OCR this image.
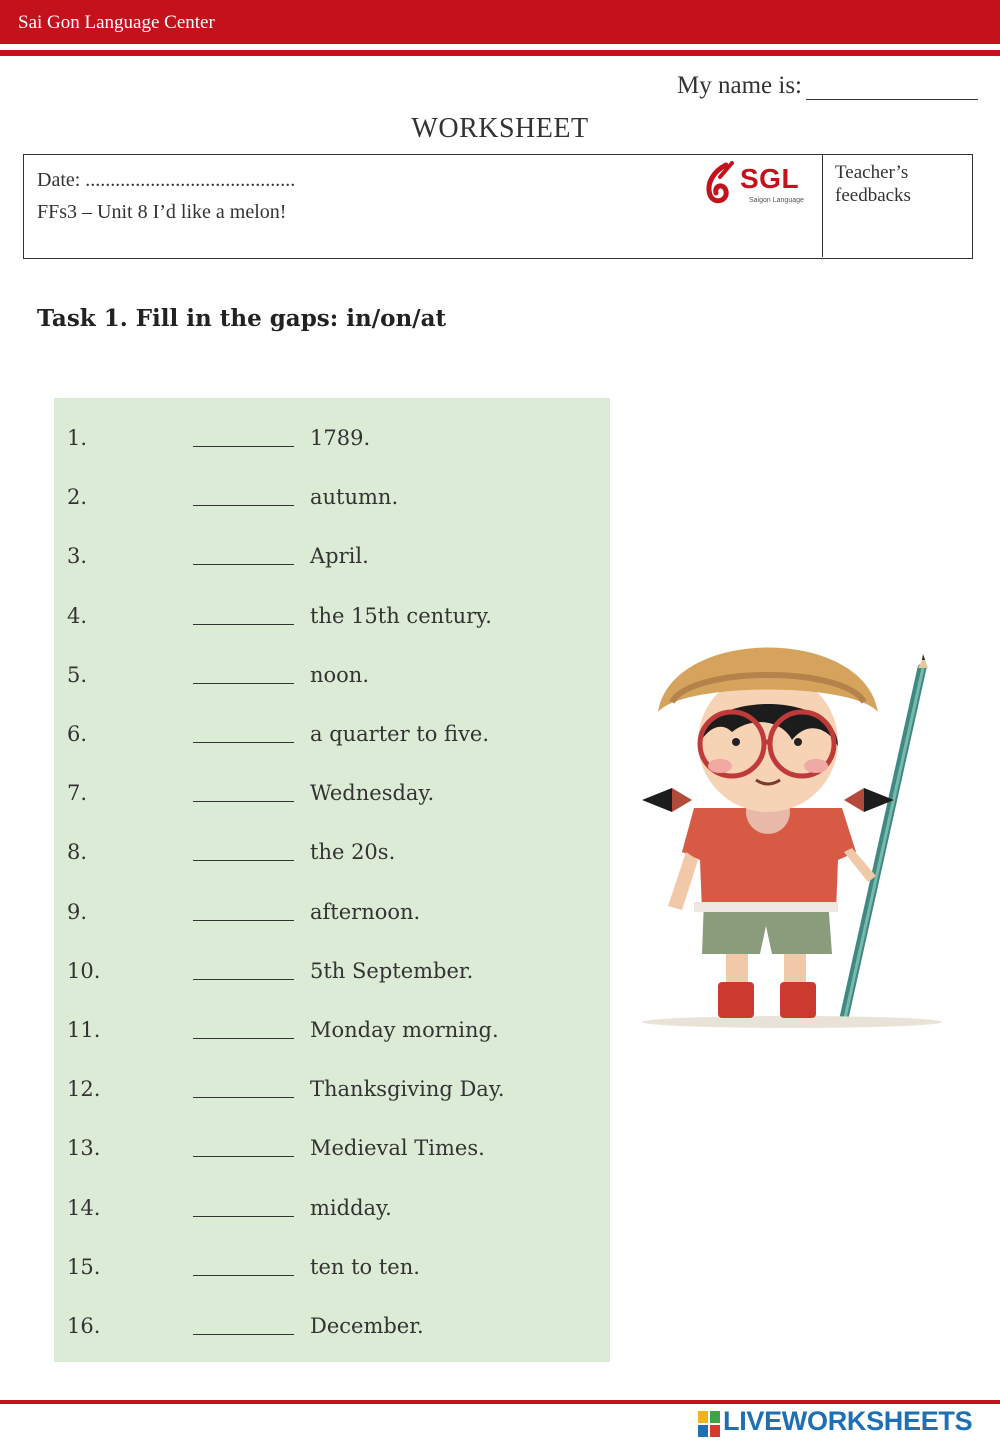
Sai Gon Language Center
My name is:
WORKSHEET
Date: ..........................................
FFs3 – Unit 8 I’d like a melon!
SGL
Saigon Language
Teacher’s feedbacks
Task 1. Fill in the gaps: in/on/at
1.	1789.
2.	autumn.
3.	April.
4.	the 15th century.
5.	noon.
6.	a quarter to five.
7.	Wednesday.
8.	the 20s.
9.	afternoon.
10.	5th September.
11.	Monday morning.
12.	Thanksgiving Day.
13.	Medieval Times.
14.	midday.
15.	ten to ten.
16.	December.
LIVEWORKSHEETS
